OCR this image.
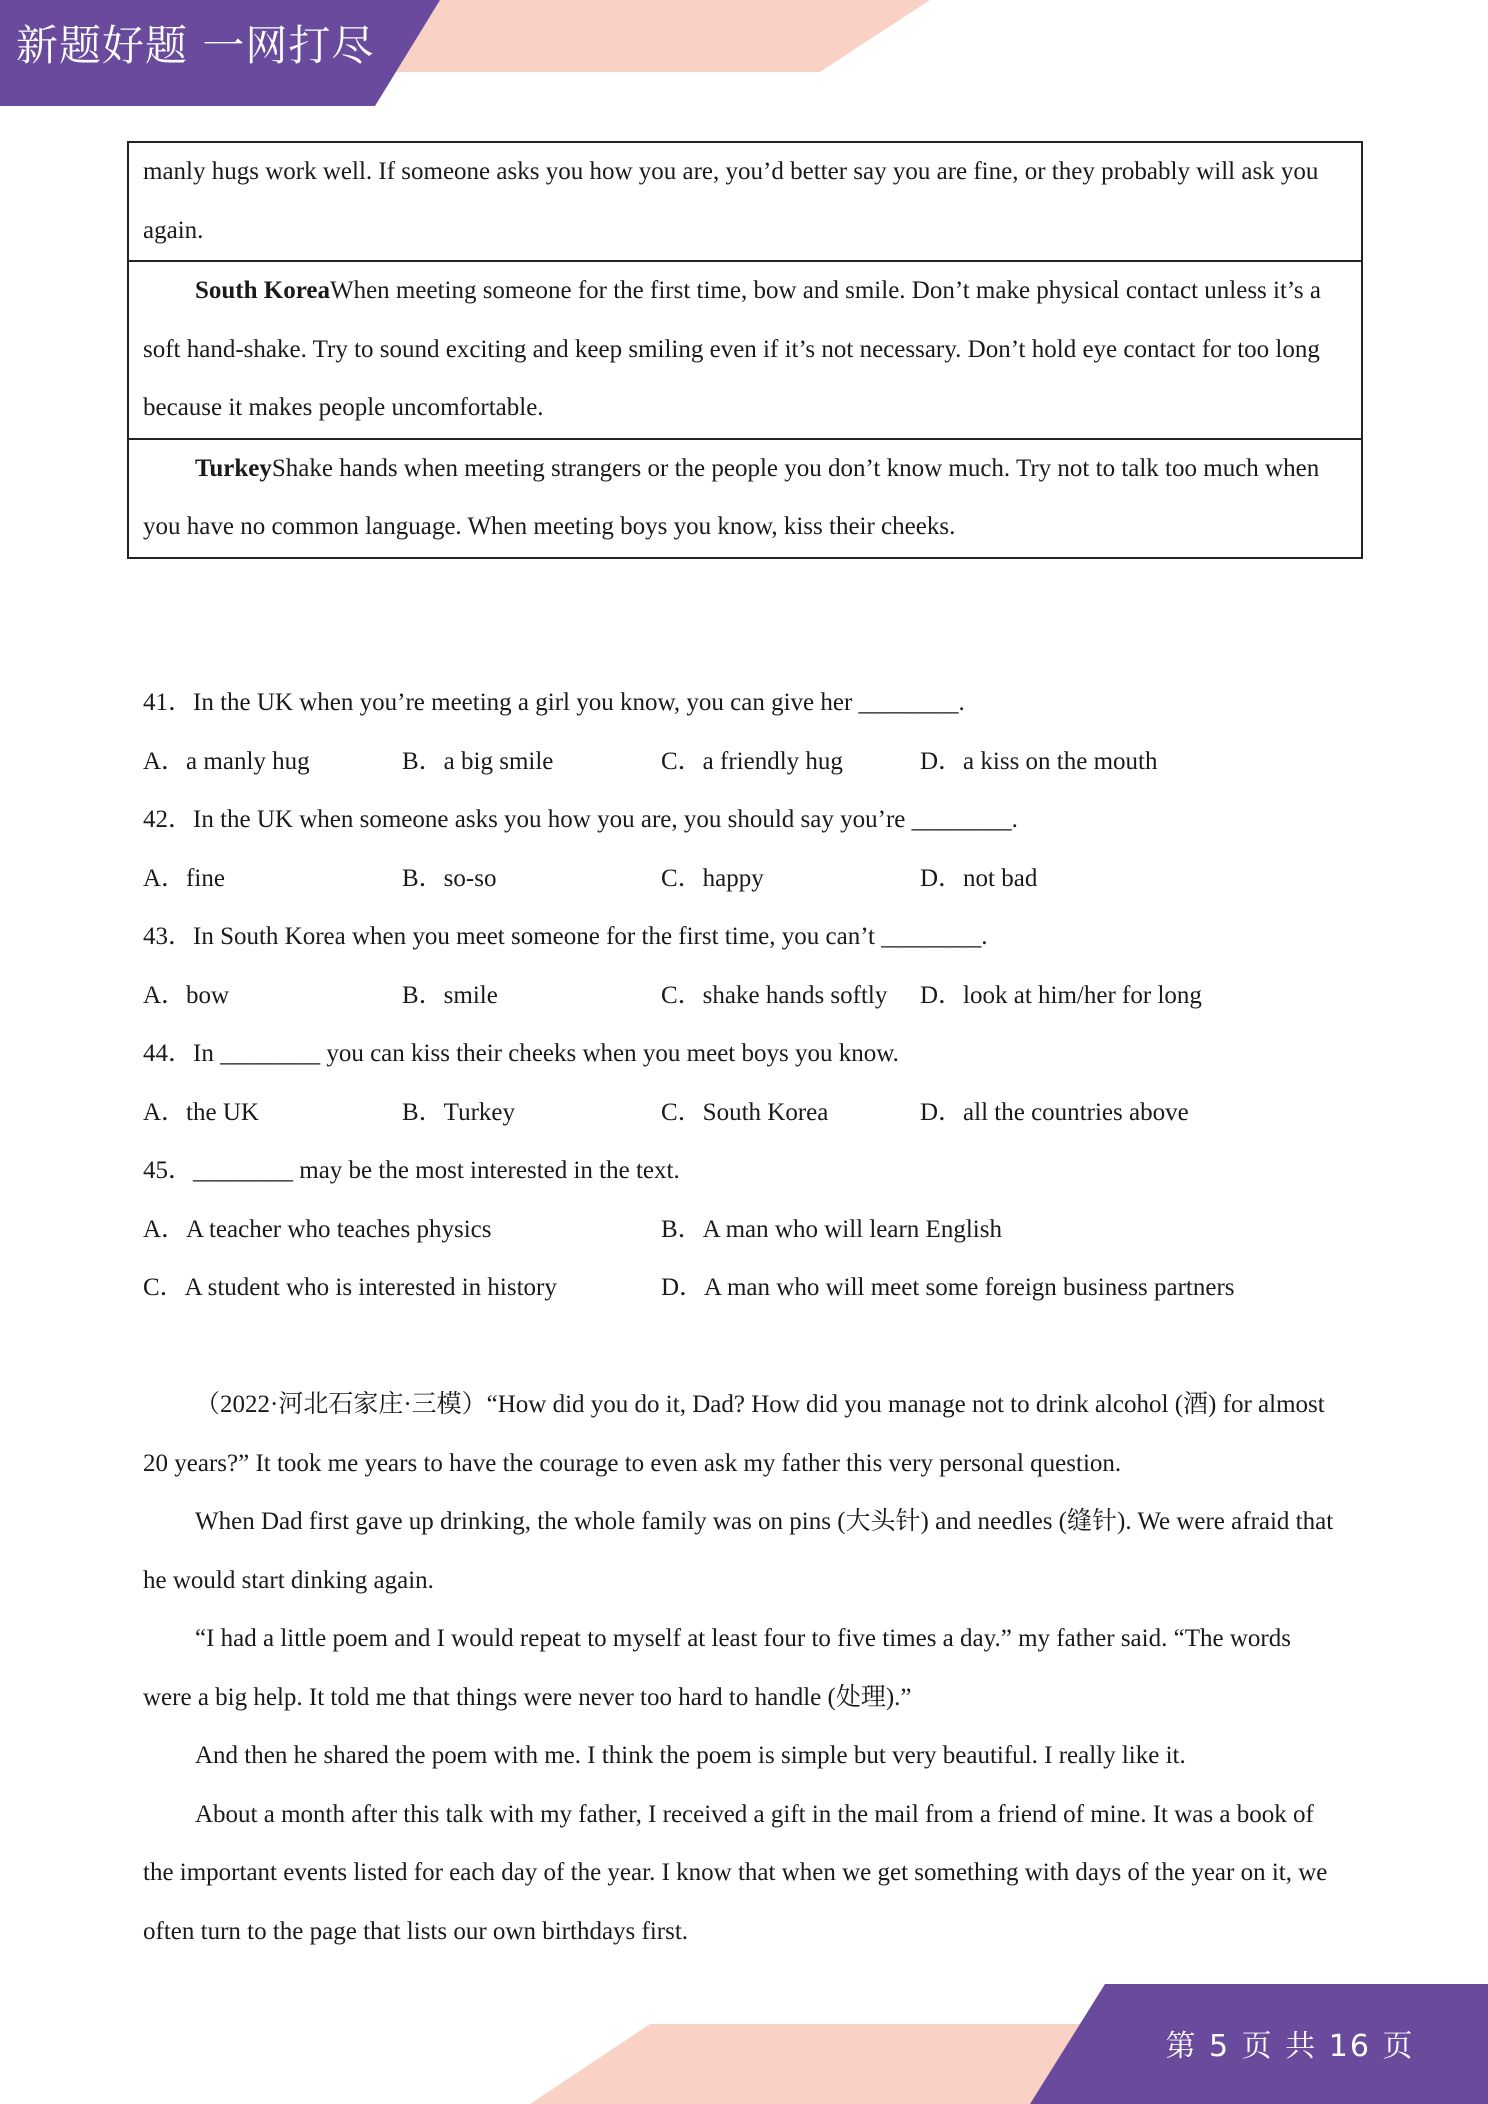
新题好题 一网打尽
manly hugs work well. If someone asks you how you are, you’d better say you are fine, or they probably will ask you again.
South KoreaWhen meeting someone for the first time, bow and smile. Don’t make physical contact unless it’s a soft hand-shake. Try to sound exciting and keep smiling even if it’s not necessary. Don’t hold eye contact for too long because it makes people uncomfortable.
TurkeyShake hands when meeting strangers or the people you don’t know much. Try not to talk too much when you have no common language. When meeting boys you know, kiss their cheeks.
41．In the UK when you’re meeting a girl you know, you can give her ________.
A．a manly hug	B．a big smile	C．a friendly hug	D．a kiss on the mouth
42．In the UK when someone asks you how you are, you should say you’re ________.
A．fine	B．so-so	C．happy	D．not bad
43．In South Korea when you meet someone for the first time, you can’t ________.
A．bow	B．smile	C．shake hands softly D．look at him/her for long
44．In ________ you can kiss their cheeks when you meet boys you know.
A．the UK	B．Turkey	C．South Korea	D．all the countries above
45．________ may be the most interested in the text.
A．A teacher who teaches physics	B．A man who will learn English
C．A student who is interested in history	D．A man who will meet some foreign business partners

（2022·河北石家庄·三模）“How did you do it, Dad? How did you manage not to drink alcohol (酒) for almost 20 years?” It took me years to have the courage to even ask my father this very personal question.

When Dad first gave up drinking, the whole family was on pins (大头针) and needles (缝针). We were afraid that he would start dinking again.

“I had a little poem and I would repeat to myself at least four to five times a day.” my father said. “The words were a big help. It told me that things were never too hard to handle (处理).”

And then he shared the poem with me. I think the poem is simple but very beautiful. I really like it.

About a month after this talk with my father, I received a gift in the mail from a friend of mine. It was a book of the important events listed for each day of the year. I know that when we get something with days of the year on it, we often turn to the page that lists our own birthdays first.

第 5 页 共 16 页
